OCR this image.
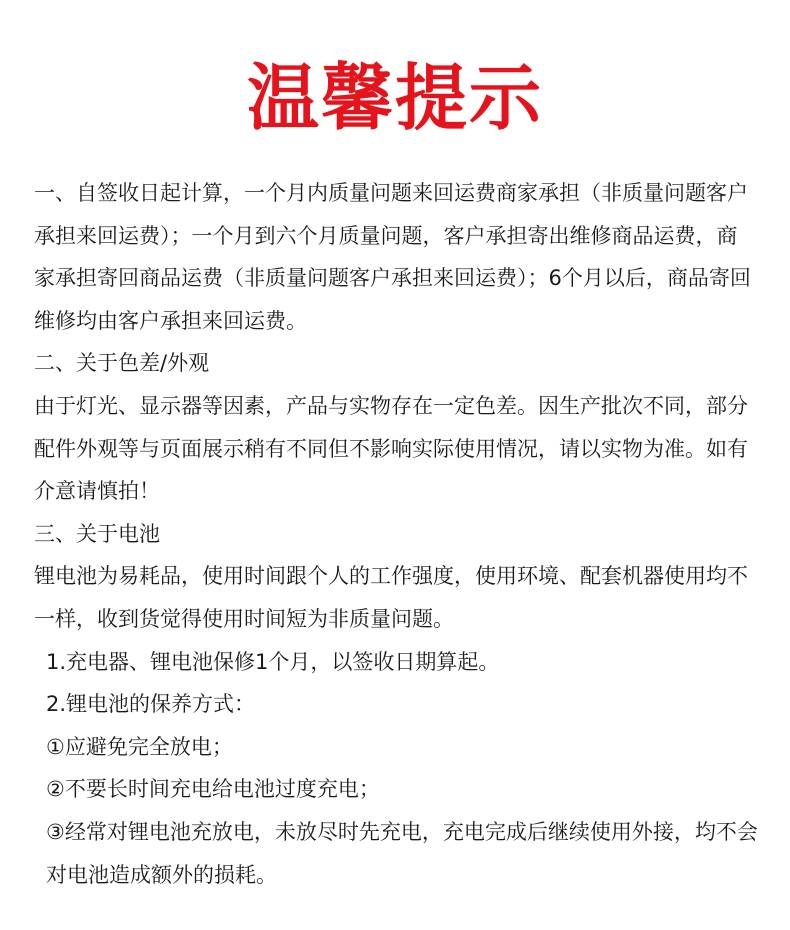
温馨提示

一、自签收日起计算，一个月内质量问题来回运费商家承担（非质量问题客户承担来回运费）；一个月到六个月质量问题，客户承担寄出维修商品运费，商家承担寄回商品运费（非质量问题客户承担来回运费）；6个月以后，商品寄回维修均由客户承担来回运费。

二、关于色差/外观

由于灯光、显示器等因素，产品与实物存在一定色差。因生产批次不同，部分配件外观等与页面展示稍有不同但不影响实际使用情况，请以实物为准。如有介意请慎拍！

三、关于电池

锂电池为易耗品，使用时间跟个人的工作强度，使用环境、配套机器使用均不一样，收到货觉得使用时间短为非质量问题。

1.充电器、锂电池保修1个月，以签收日期算起。

2.锂电池的保养方式：

①应避免完全放电；

②不要长时间充电给电池过度充电；

③经常对锂电池充放电，未放尽时先充电，充电完成后继续使用外接，均不会对电池造成额外的损耗。
